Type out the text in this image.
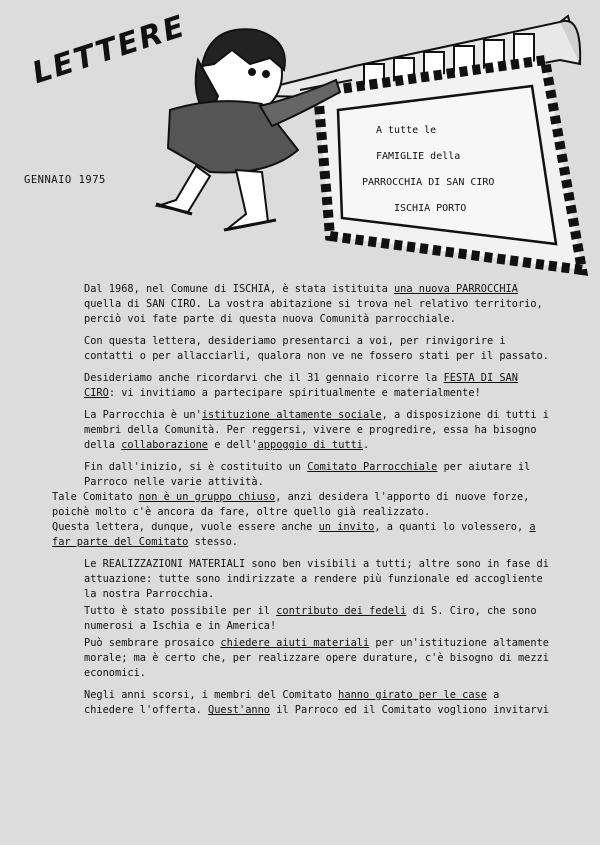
LETTERE
GENNAIO 1975
A tutte le
FAMIGLIE della
PARROCCHIA DI SAN CIRO
ISCHIA PORTO

Dal 1968, nel Comune di ISCHIA, è stata istituita una nuova PARROCCHIA quella di SAN CIRO. La vostra abitazione si trova nel relativo territorio, perciò voi fate parte di questa nuova Comunità parrocchiale.

Con questa lettera, desideriamo presentarci a voi, per rinvigorire i contatti o per allacciarli, qualora non ve ne fossero stati per il passato.

Desideriamo anche ricordarvi che il 31 gennaio ricorre la FESTA DI SAN CIRO: vi invitiamo a partecipare spiritualmente e materialmente!

La Parrocchia è un'istituzione altamente sociale, a disposizione di tutti i membri della Comunità. Per reggersi, vivere e progredire, essa ha bisogno della collaborazione e dell'appoggio di tutti.

Fin dall'inizio, si è costituito un Comitato Parrocchiale per aiutare il Parroco nelle varie attività.

Tale Comitato non è un gruppo chiuso, anzi desidera l'apporto di nuove forze, poichè molto c'è ancora da fare, oltre quello già realizzato.

Questa lettera, dunque, vuole essere anche un invito, a quanti lo volessero, a far parte del Comitato stesso.

Le REALIZZAZIONI MATERIALI sono ben visibili a tutti; altre sono in fase di attuazione: tutte sono indirizzate a rendere più funzionale ed accogliente la nostra Parrocchia.

Tutto è stato possibile per il contributo dei fedeli di S. Ciro, che sono numerosi a Ischia e in America!

Può sembrare prosaico chiedere aiuti materiali per un'istituzione altamente morale; ma è certo che, per realizzare opere durature, c'è bisogno di mezzi economici.

Negli anni scorsi, i membri del Comitato hanno girato per le case a chiedere l'offerta. Quest'anno il Parroco ed il Comitato vogliono invitarvi
